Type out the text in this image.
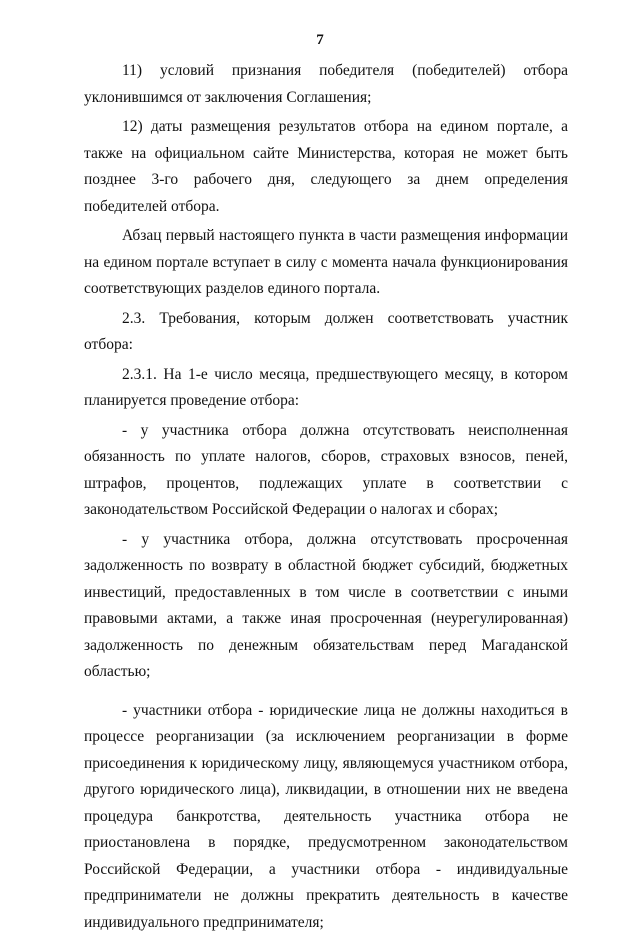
7

11) условий признания победителя (победителей) отбора уклонившимся от заключения Соглашения;

12) даты размещения результатов отбора на едином портале, а также на официальном сайте Министерства, которая не может быть позднее 3-го рабочего дня, следующего за днем определения победителей отбора.

Абзац первый настоящего пункта в части размещения информации на едином портале вступает в силу с момента начала функционирования соответствующих разделов единого портала.

2.3. Требования, которым должен соответствовать участник отбора:

2.3.1. На 1-е число месяца, предшествующего месяцу, в котором планируется проведение отбора:

- у участника отбора должна отсутствовать неисполненная обязанность по уплате налогов, сборов, страховых взносов, пеней, штрафов, процентов, подлежащих уплате в соответствии с законодательством Российской Федерации о налогах и сборах;

- у участника отбора, должна отсутствовать просроченная задолженность по возврату в областной бюджет субсидий, бюджетных инвестиций, предоставленных в том числе в соответствии с иными правовыми актами, а также иная просроченная (неурегулированная) задолженность по денежным обязательствам перед Магаданской областью;

- участники отбора - юридические лица не должны находиться в процессе реорганизации (за исключением реорганизации в форме присоединения к юридическому лицу, являющемуся участником отбора, другого юридического лица), ликвидации, в отношении них не введена процедура банкротства, деятельность участника отбора не приостановлена в порядке, предусмотренном законодательством Российской Федерации, а участники отбора - индивидуальные предприниматели не должны прекратить деятельность в качестве индивидуального предпринимателя;
